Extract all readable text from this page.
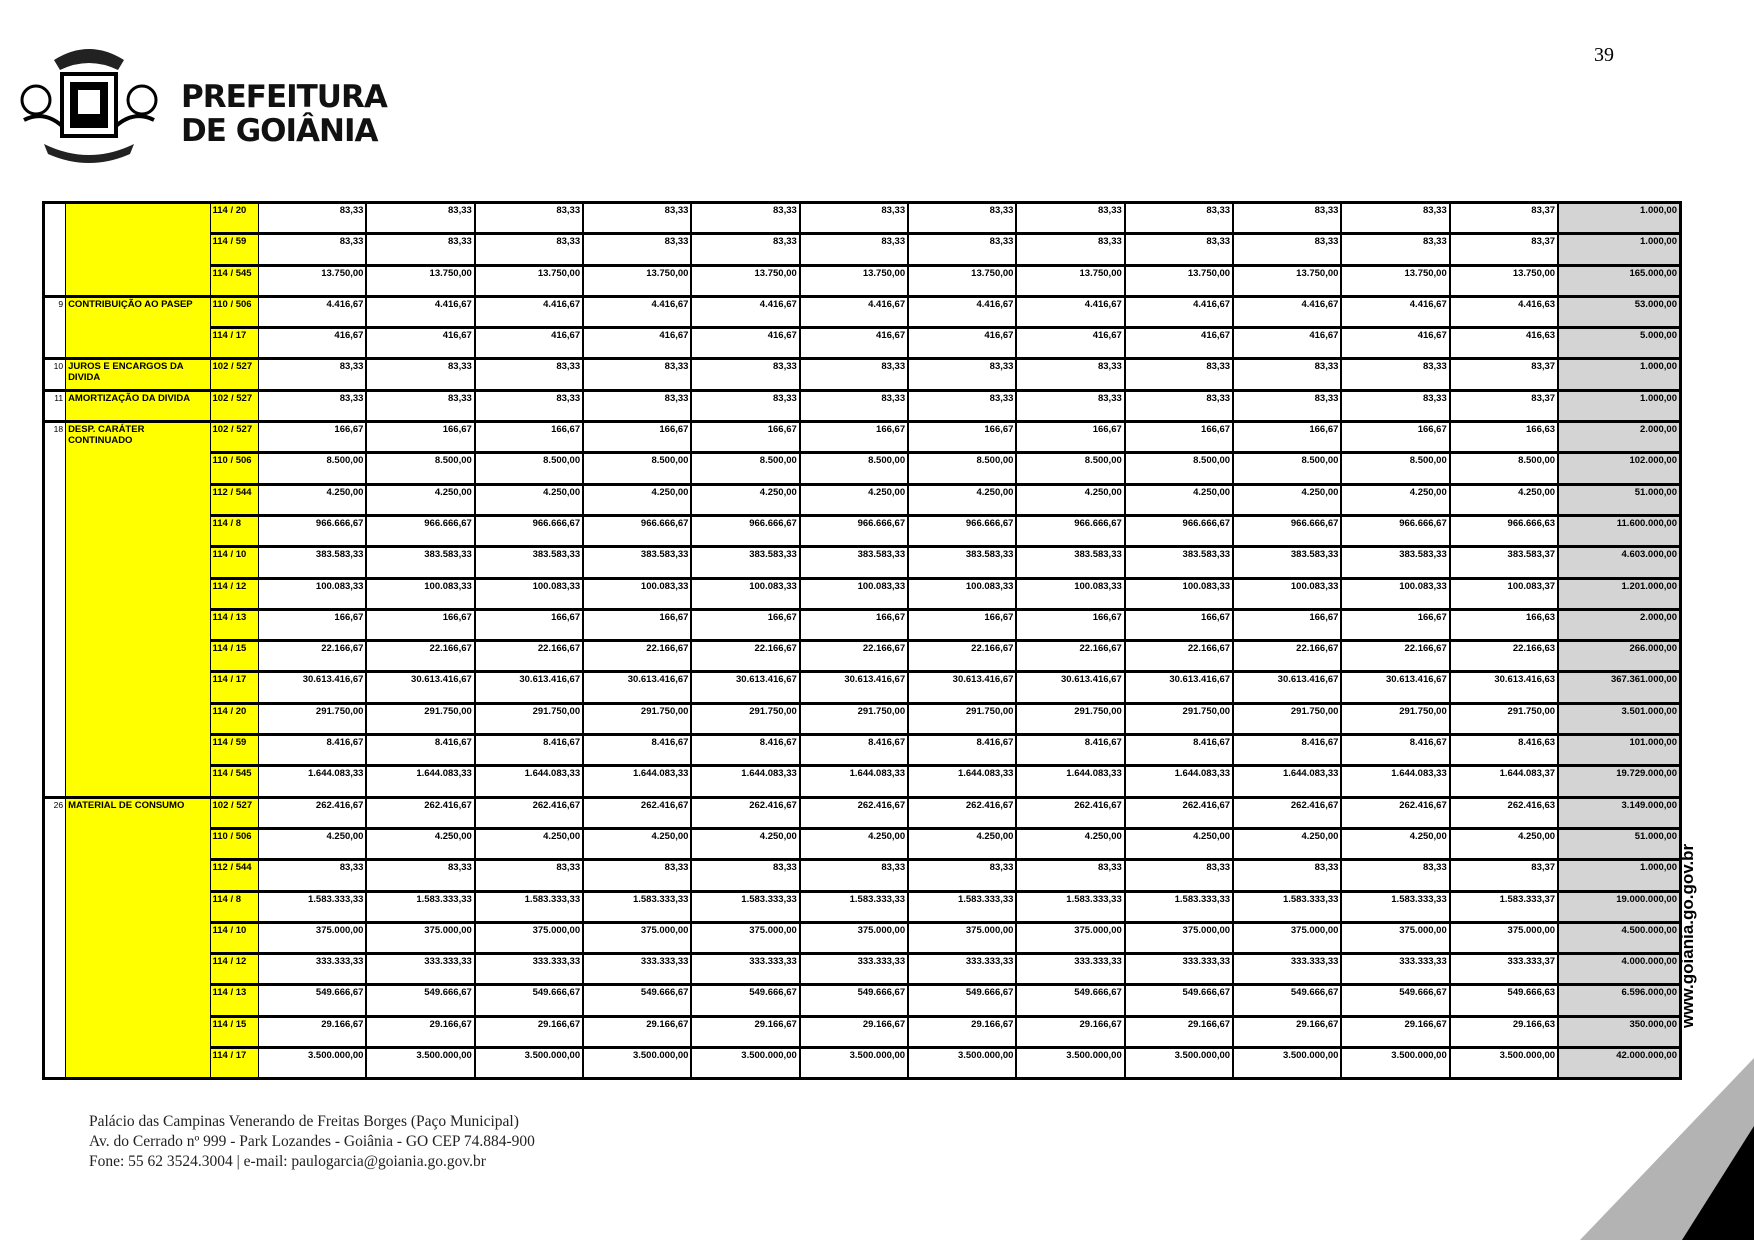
PREFEITURA
DE GOIÂNIA
39
		114 / 20	83,33	83,33	83,33	83,33	83,33	83,33	83,33	83,33	83,33	83,33	83,33	83,37	1.000,00
		114 / 59	83,33	83,33	83,33	83,33	83,33	83,33	83,33	83,33	83,33	83,33	83,33	83,37	1.000,00
		114 / 545	13.750,00	13.750,00	13.750,00	13.750,00	13.750,00	13.750,00	13.750,00	13.750,00	13.750,00	13.750,00	13.750,00	13.750,00	165.000,00
9	CONTRIBUIÇÃO AO PASEP	110 / 506	4.416,67	4.416,67	4.416,67	4.416,67	4.416,67	4.416,67	4.416,67	4.416,67	4.416,67	4.416,67	4.416,67	4.416,63	53.000,00
		114 / 17	416,67	416,67	416,67	416,67	416,67	416,67	416,67	416,67	416,67	416,67	416,67	416,63	5.000,00
10	JUROS E ENCARGOS DA DIVIDA	102 / 527	83,33	83,33	83,33	83,33	83,33	83,33	83,33	83,33	83,33	83,33	83,33	83,37	1.000,00
11	AMORTIZAÇÃO DA DIVIDA	102 / 527	83,33	83,33	83,33	83,33	83,33	83,33	83,33	83,33	83,33	83,33	83,33	83,37	1.000,00
18	DESP. CARÁTER CONTINUADO	102 / 527	166,67	166,67	166,67	166,67	166,67	166,67	166,67	166,67	166,67	166,67	166,67	166,63	2.000,00
		110 / 506	8.500,00	8.500,00	8.500,00	8.500,00	8.500,00	8.500,00	8.500,00	8.500,00	8.500,00	8.500,00	8.500,00	8.500,00	102.000,00
		112 / 544	4.250,00	4.250,00	4.250,00	4.250,00	4.250,00	4.250,00	4.250,00	4.250,00	4.250,00	4.250,00	4.250,00	4.250,00	51.000,00
		114 / 8	966.666,67	966.666,67	966.666,67	966.666,67	966.666,67	966.666,67	966.666,67	966.666,67	966.666,67	966.666,67	966.666,67	966.666,63	11.600.000,00
		114 / 10	383.583,33	383.583,33	383.583,33	383.583,33	383.583,33	383.583,33	383.583,33	383.583,33	383.583,33	383.583,33	383.583,33	383.583,37	4.603.000,00
		114 / 12	100.083,33	100.083,33	100.083,33	100.083,33	100.083,33	100.083,33	100.083,33	100.083,33	100.083,33	100.083,33	100.083,33	100.083,37	1.201.000,00
		114 / 13	166,67	166,67	166,67	166,67	166,67	166,67	166,67	166,67	166,67	166,67	166,67	166,63	2.000,00
		114 / 15	22.166,67	22.166,67	22.166,67	22.166,67	22.166,67	22.166,67	22.166,67	22.166,67	22.166,67	22.166,67	22.166,67	22.166,63	266.000,00
		114 / 17	30.613.416,67	30.613.416,67	30.613.416,67	30.613.416,67	30.613.416,67	30.613.416,67	30.613.416,67	30.613.416,67	30.613.416,67	30.613.416,67	30.613.416,67	30.613.416,63	367.361.000,00
		114 / 20	291.750,00	291.750,00	291.750,00	291.750,00	291.750,00	291.750,00	291.750,00	291.750,00	291.750,00	291.750,00	291.750,00	291.750,00	3.501.000,00
		114 / 59	8.416,67	8.416,67	8.416,67	8.416,67	8.416,67	8.416,67	8.416,67	8.416,67	8.416,67	8.416,67	8.416,67	8.416,63	101.000,00
		114 / 545	1.644.083,33	1.644.083,33	1.644.083,33	1.644.083,33	1.644.083,33	1.644.083,33	1.644.083,33	1.644.083,33	1.644.083,33	1.644.083,33	1.644.083,33	1.644.083,37	19.729.000,00
26	MATERIAL DE CONSUMO	102 / 527	262.416,67	262.416,67	262.416,67	262.416,67	262.416,67	262.416,67	262.416,67	262.416,67	262.416,67	262.416,67	262.416,67	262.416,63	3.149.000,00
		110 / 506	4.250,00	4.250,00	4.250,00	4.250,00	4.250,00	4.250,00	4.250,00	4.250,00	4.250,00	4.250,00	4.250,00	4.250,00	51.000,00
		112 / 544	83,33	83,33	83,33	83,33	83,33	83,33	83,33	83,33	83,33	83,33	83,33	83,37	1.000,00
		114 / 8	1.583.333,33	1.583.333,33	1.583.333,33	1.583.333,33	1.583.333,33	1.583.333,33	1.583.333,33	1.583.333,33	1.583.333,33	1.583.333,33	1.583.333,33	1.583.333,37	19.000.000,00
		114 / 10	375.000,00	375.000,00	375.000,00	375.000,00	375.000,00	375.000,00	375.000,00	375.000,00	375.000,00	375.000,00	375.000,00	375.000,00	4.500.000,00
		114 / 12	333.333,33	333.333,33	333.333,33	333.333,33	333.333,33	333.333,33	333.333,33	333.333,33	333.333,33	333.333,33	333.333,33	333.333,37	4.000.000,00
		114 / 13	549.666,67	549.666,67	549.666,67	549.666,67	549.666,67	549.666,67	549.666,67	549.666,67	549.666,67	549.666,67	549.666,67	549.666,63	6.596.000,00
		114 / 15	29.166,67	29.166,67	29.166,67	29.166,67	29.166,67	29.166,67	29.166,67	29.166,67	29.166,67	29.166,67	29.166,67	29.166,63	350.000,00
		114 / 17	3.500.000,00	3.500.000,00	3.500.000,00	3.500.000,00	3.500.000,00	3.500.000,00	3.500.000,00	3.500.000,00	3.500.000,00	3.500.000,00	3.500.000,00	3.500.000,00	42.000.000,00
Palácio das Campinas Venerando de Freitas Borges (Paço Municipal)
Av. do Cerrado nº 999 - Park Lozandes - Goiânia - GO CEP 74.884-900
Fone: 55 62 3524.3004 | e-mail: paulogarcia@goiania.go.gov.br
www.goiania.go.gov.br
